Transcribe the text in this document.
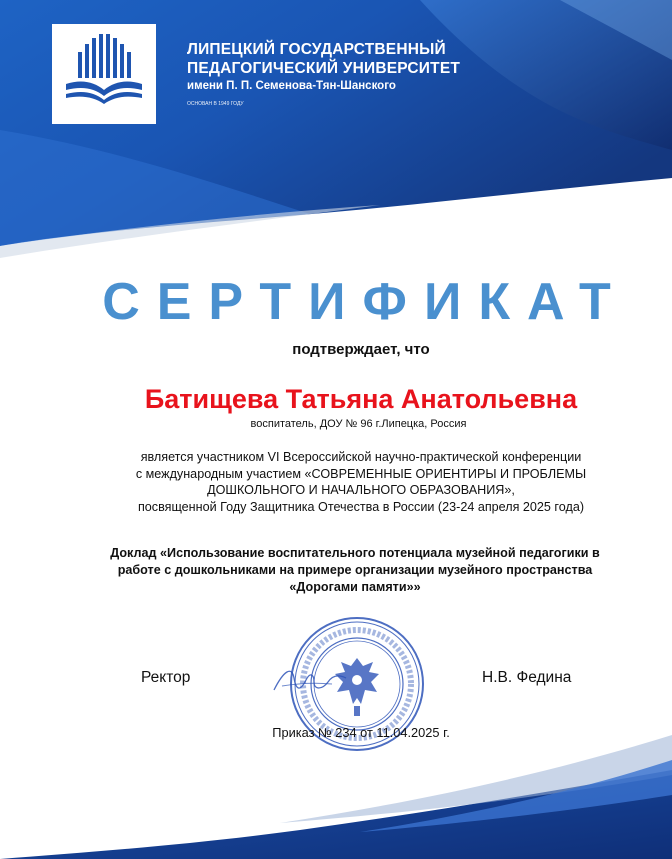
ЛИПЕЦКИЙ ГОСУДАРСТВЕННЫЙ
ПЕДАГОГИЧЕСКИЙ УНИВЕРСИТЕТ
имени П. П. Семенова-Тян-Шанского
ОСНОВАН В 1949 ГОДУ
СЕРТИФИКАТ
подтверждает, что
Батищева Татьяна Анатольевна
воспитатель, ДОУ № 96 г.Липецка, Россия
является участником VI Всероссийской научно-практической конференции
с международным участием «СОВРЕМЕННЫЕ ОРИЕНТИРЫ И ПРОБЛЕМЫ
ДОШКОЛЬНОГО И НАЧАЛЬНОГО ОБРАЗОВАНИЯ»,
посвященной Году Защитника Отечества в России (23-24 апреля 2025 года)
Доклад «Использование воспитательного потенциала музейной педагогики в
работе с дошкольниками на примере организации музейного пространства
«Дорогами памяти»»
Ректор	Н.В. Федина
Приказ № 234 от 11.04.2025 г.
